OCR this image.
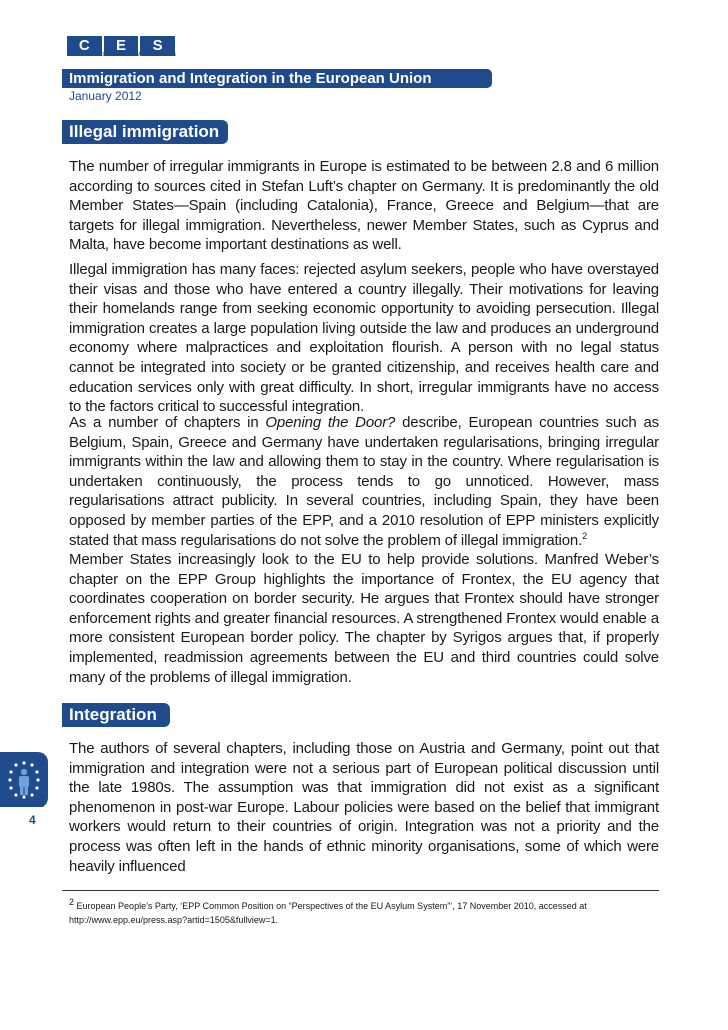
C	E	S
CENTRE FOR EUROPEAN STUDIES
Immigration and Integration in the European Union
January 2012
Illegal immigration

The number of irregular immigrants in Europe is estimated to be between 2.8 and 6 million according to sources cited in Stefan Luft’s chapter on Germany. It is predominantly the old Member States—Spain (including Catalonia), France, Greece and Belgium—that are targets for illegal immigration. Nevertheless, newer Member States, such as Cyprus and Malta, have become important destinations as well.

Illegal immigration has many faces: rejected asylum seekers, people who have overstayed their visas and those who have entered a country illegally. Their motivations for leaving their homelands range from seeking economic opportunity to avoiding persecution. Illegal immigration creates a large population living outside the law and produces an underground economy where malpractices and exploitation flourish. A person with no legal status cannot be integrated into society or be granted citizenship, and receives health care and education services only with great difficulty. In short, irregular immigrants have no access to the factors critical to successful integration.

As a number of chapters in Opening the Door? describe, European countries such as Belgium, Spain, Greece and Germany have undertaken regularisations, bringing irregular immigrants within the law and allowing them to stay in the country. Where regularisation is undertaken continuously, the process tends to go unnoticed. However, mass regularisations attract publicity. In several countries, including Spain, they have been opposed by member parties of the EPP, and a 2010 resolution of EPP ministers explicitly stated that mass regularisations do not solve the problem of illegal immigration.$^2$

Member States increasingly look to the EU to help provide solutions. Manfred Weber’s chapter on the EPP Group highlights the importance of Frontex, the EU agency that coordinates cooperation on border security. He argues that Frontex should have stronger enforcement rights and greater financial resources. A strengthened Frontex would enable a more consistent European border policy. The chapter by Syrigos argues that, if properly implemented, readmission agreements between the EU and third countries could solve many of the problems of illegal immigration.

Integration

The authors of several chapters, including those on Austria and Germany, point out that immigration and integration were not a serious part of European political discussion until the late 1980s. The assumption was that immigration did not exist as a significant phenomenon in post-war Europe. Labour policies were based on the belief that immigrant workers would return to their countries of origin. Integration was not a priority and the process was often left in the hands of ethnic minority organisations, some of which were heavily influenced

4
$^2$ European People’s Party, ‘EPP Common Position on “Perspectives of the EU Asylum System”’, 17 November 2010, accessed at http://www.epp.eu/press.asp?artid=1505&fullview=1.
